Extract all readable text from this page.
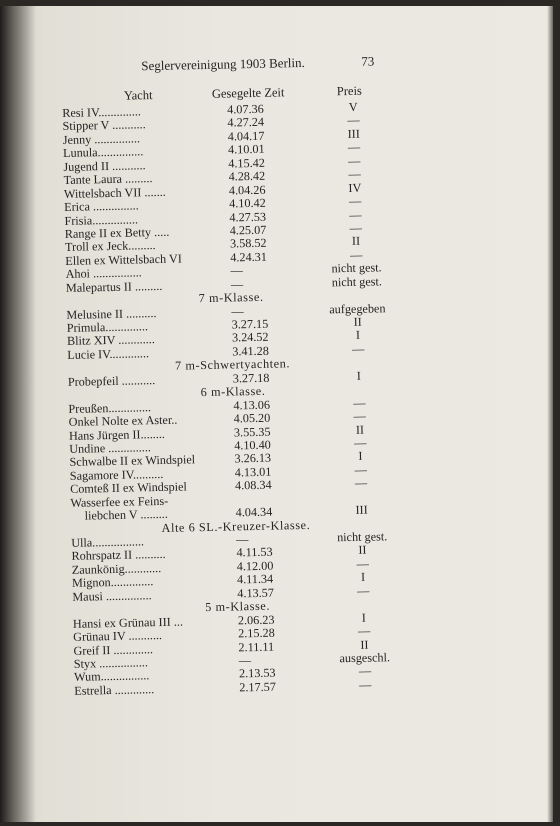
Seglervereinigung 1903 Berlin.	73
Yacht	Gesegelte Zeit	Preis
Resi IV..............	4.07.36	V
Stipper V ...........	4.27.24	—
Jenny ...............	4.04.17	III
Lunula...............	4.10.01	—
Jugend II ...........	4.15.42	—
Tante Laura .........	4.28.42	—
Wittelsbach VII .......	4.04.26	IV
Erica ...............	4.10.42	—
Frisia...............	4.27.53	—
Range II ex Betty .....	4.25.07	—
Troll ex Jeck.........	3.58.52	II
Ellen ex Wittelsbach VI	4.24.31	—
Ahoi ................	—	nicht gest.
Malepartus II .........	—	nicht gest.
7 m-Klasse.
Melusine II ..........	—	aufgegeben
Primula..............	3.27.15	II
Blitz XIV ............	3.24.52	I
Lucie IV.............	3.41.28	—
7 m-Schwertyachten.
Probepfeil ...........	3.27.18	I
6 m-Klasse.
Preußen..............	4.13.06	—
Onkel Nolte ex Aster..	4.05.20	—
Hans Jürgen II........	3.55.35	II
Undine ..............	4.10.40	—
Schwalbe II ex Windspiel	3.26.13	I
Sagamore IV..........	4.13.01	—
Comteß II ex Windspiel	4.08.34	—
Wasserfee ex Feins-
liebchen V .........	4.04.34	III
Alte 6 SL.-Kreuzer-Klasse.
Ulla.................	—	nicht gest.
Rohrspatz II ..........	4.11.53	II
Zaunkönig............	4.12.00	—
Mignon..............	4.11.34	I
Mausi ...............	4.13.57	—
5 m-Klasse.
Hansi ex Grünau III ...	2.06.23	I
Grünau IV ...........	2.15.28	—
Greif II .............	2.11.11	II
Styx ................	—	ausgeschl.
Wum................	2.13.53	—
Estrella .............	2.17.57	—
